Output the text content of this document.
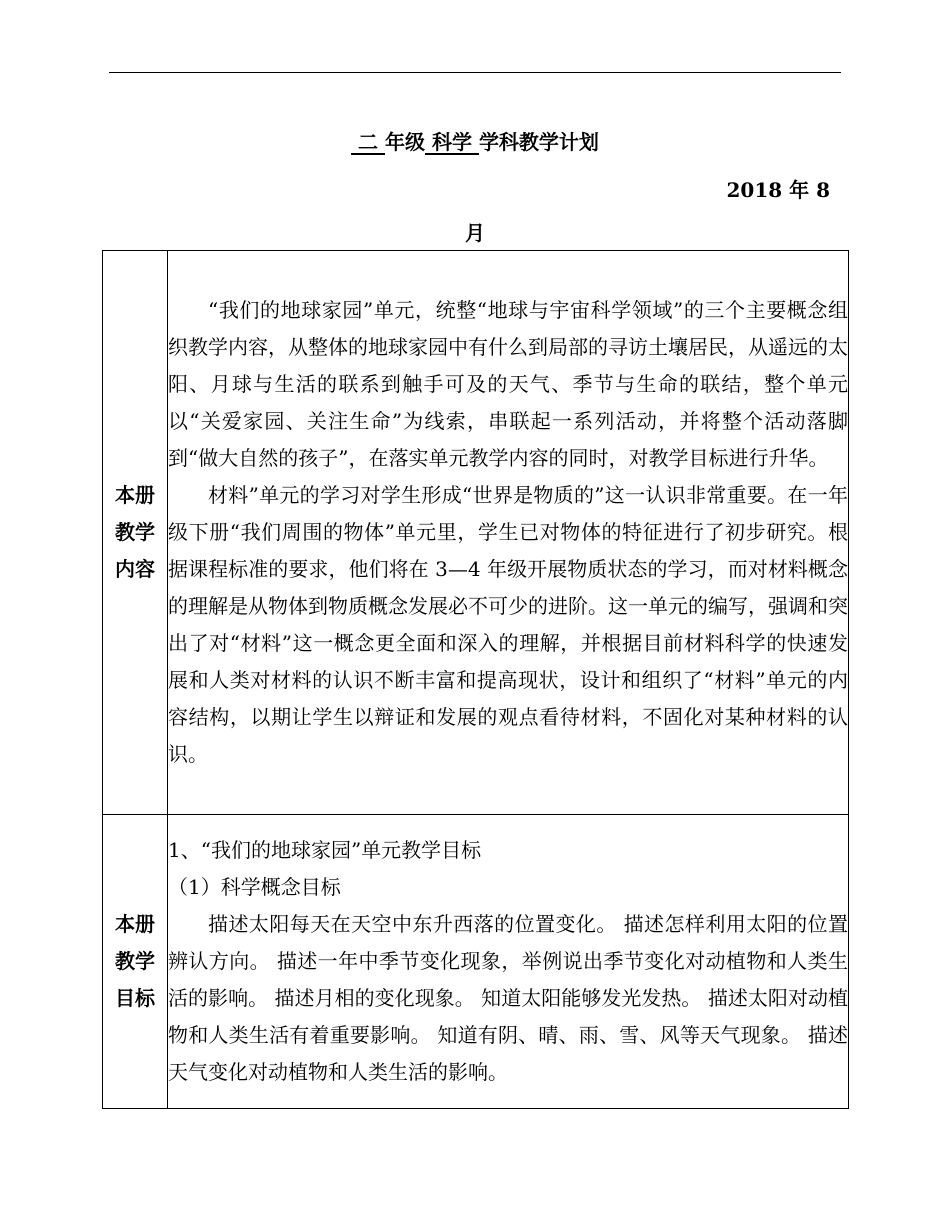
二 年级 科学 学科教学计划
2018 年 8
月
本册教学内容	“我们的地球家园”单元，统整“地球与宇宙科学领域”的三个主要概念组织教学内容，从整体的地球家园中有什么到局部的寻访土壤居民，从遥远的太阳、月球与生活的联系到触手可及的天气、季节与生命的联结，整个单元以“关爱家园、关注生命”为线索，串联起一系列活动，并将整个活动落脚到“做大自然的孩子”，在落实单元教学内容的同时，对教学目标进行升华。

材料”单元的学习对学生形成“世界是物质的”这一认识非常重要。在一年级下册“我们周围的物体”单元里，学生已对物体的特征进行了初步研究。根据课程标准的要求，他们将在 3—4 年级开展物质状态的学习，而对材料概念的理解是从物体到物质概念发展必不可少的进阶。这一单元的编写，强调和突出了对“材料”这一概念更全面和深入的理解，并根据目前材料科学的快速发展和人类对材料的认识不断丰富和提高现状，设计和组织了“材料”单元的内容结构，以期让学生以辩证和发展的观点看待材料，不固化对某种材料的认识。

本册教学目标	1、“我们的地球家园”单元教学目标

（1）科学概念目标

描述太阳每天在天空中东升西落的位置变化。 描述怎样利用太阳的位置辨认方向。 描述一年中季节变化现象，举例说出季节变化对动植物和人类生活的影响。 描述月相的变化现象。 知道太阳能够发光发热。 描述太阳对动植物和人类生活有着重要影响。 知道有阴、晴、雨、雪、风等天气现象。 描述天气变化对动植物和人类生活的影响。
